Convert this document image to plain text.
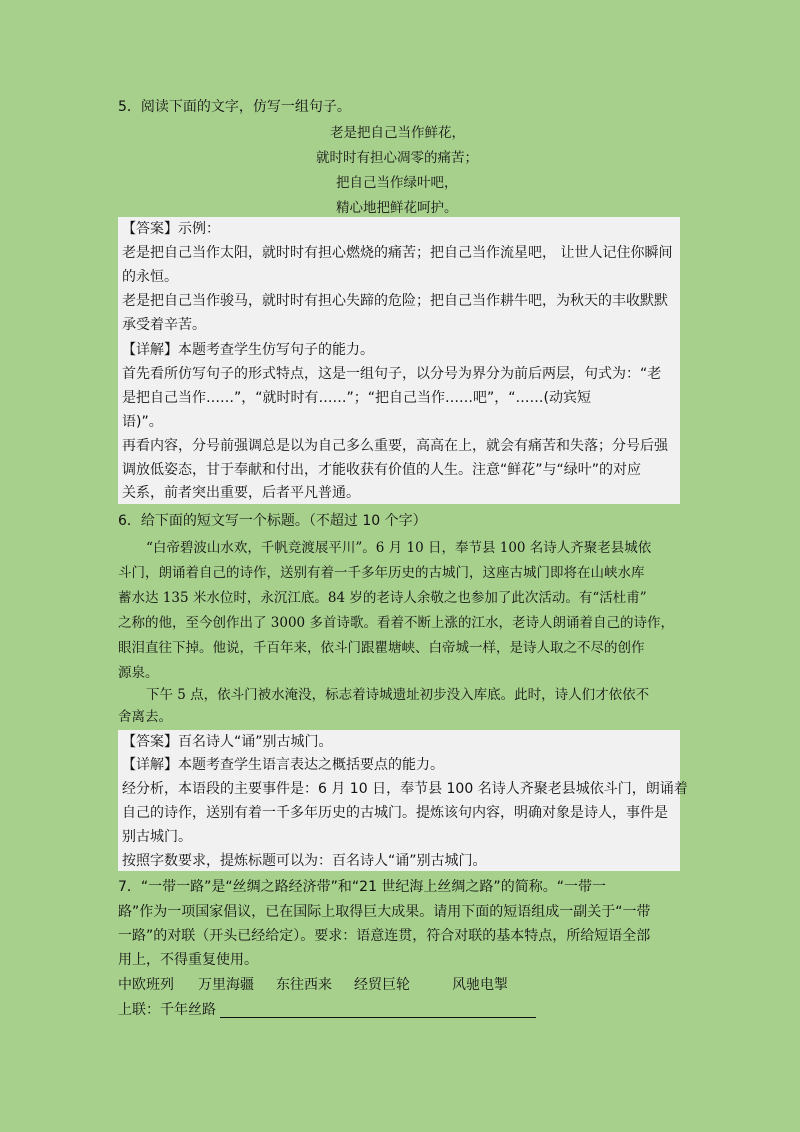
5．阅读下面的文字，仿写一组句子。
老是把自己当作鲜花，
就时时有担心凋零的痛苦；
把自己当作绿叶吧，
精心地把鲜花呵护。
【答案】示例：
老是把自己当作太阳，就时时有担心燃烧的痛苦；把自己当作流星吧， 让世人记住你瞬间
的永恒。
老是把自己当作骏马，就时时有担心失蹄的危险；把自己当作耕牛吧，为秋天的丰收默默
承受着辛苦。
【详解】本题考查学生仿写句子的能力。
首先看所仿写句子的形式特点，这是一组句子，以分号为界分为前后两层，句式为：“老
是把自己当作……”，“就时时有……”；“把自己当作……吧”，“……(动宾短
语)”。
再看内容，分号前强调总是以为自己多么重要，高高在上，就会有痛苦和失落；分号后强
调放低姿态，甘于奉献和付出，才能收获有价值的人生。注意“鲜花”与“绿叶”的对应
关系，前者突出重要，后者平凡普通。
6．给下面的短文写一个标题。（不超过 10 个字）
“白帝碧波山水欢，千帆竞渡展平川”。6 月 10 日，奉节县 100 名诗人齐聚老县城依
斗门，朗诵着自己的诗作，送别有着一千多年历史的古城门，这座古城门即将在山峡水库
蓄水达 135 米水位时，永沉江底。84 岁的老诗人余敬之也参加了此次活动。有“活杜甫”
之称的他，至今创作出了 3000 多首诗歌。看着不断上涨的江水，老诗人朗诵着自己的诗作，
眼泪直往下掉。他说，千百年来，依斗门跟瞿塘峡、白帝城一样，是诗人取之不尽的创作
源泉。
下午 5 点，依斗门被水淹没，标志着诗城遗址初步没入库底。此时，诗人们才依依不
舍离去。
【答案】百名诗人“诵”别古城门。
【详解】本题考查学生语言表达之概括要点的能力。
经分析，本语段的主要事件是：6 月 10 日，奉节县 100 名诗人齐聚老县城依斗门，朗诵着
自己的诗作，送别有着一千多年历史的古城门。提炼该句内容，明确对象是诗人，事件是
别古城门。
按照字数要求，提炼标题可以为：百名诗人“诵”别古城门。
7．“一带一路”是“丝绸之路经济带”和“21 世纪海上丝绸之路”的简称。“一带一
路”作为一项国家倡议，已在国际上取得巨大成果。请用下面的短语组成一副关于“一带
一路”的对联（开头已经给定）。要求：语意连贯，符合对联的基本特点，所给短语全部
用上，不得重复使用。
中欧班列 万里海疆 东往西来 经贸巨轮	风驰电掣
上联：千年丝路
